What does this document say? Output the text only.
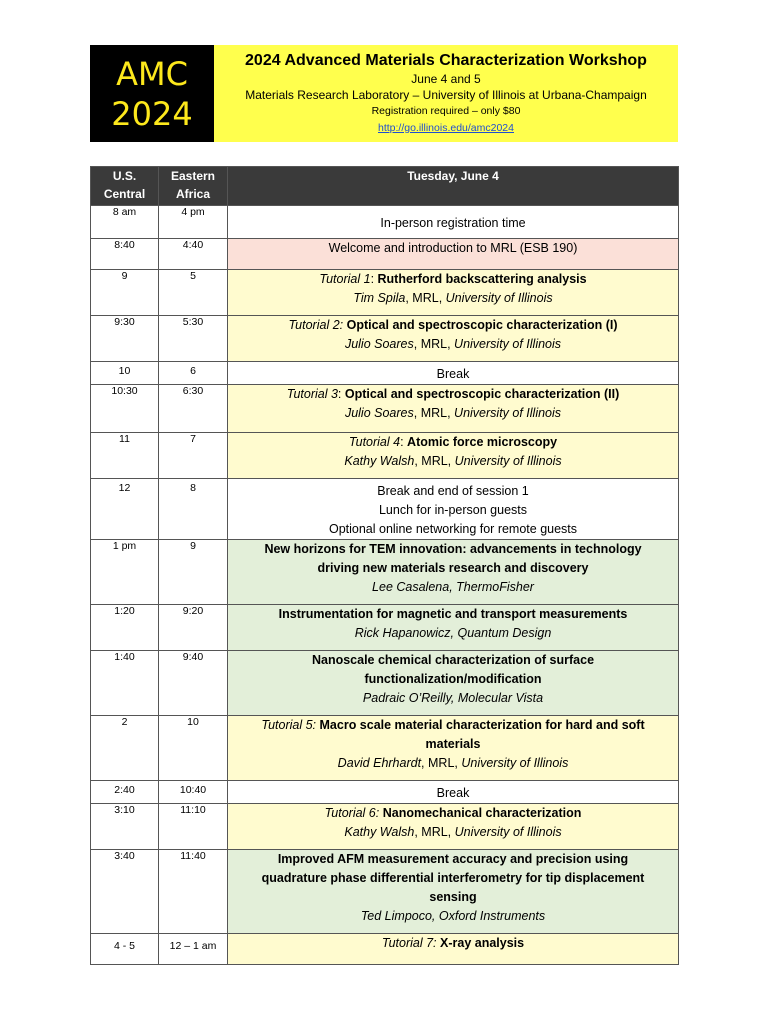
AMC
2024
2024 Advanced Materials Characterization Workshop
June 4 and 5
Materials Research Laboratory – University of Illinois at Urbana-Champaign
Registration required – only $80
http://go.illinois.edu/amc2024
U.S. Central	Eastern Africa	Tuesday, June 4
8 am	4 pm	In-person registration time
8:40	4:40	Welcome and introduction to MRL (ESB 190)
9	5	Tutorial 1: Rutherford backscattering analysis
Tim Spila, MRL, University of Illinois

9:30	5:30	Tutorial 2: Optical and spectroscopic characterization (I)
Julio Soares, MRL, University of Illinois

10	6	Break
10:30	6:30	Tutorial 3: Optical and spectroscopic characterization (II)
Julio Soares, MRL, University of Illinois

11	7	Tutorial 4: Atomic force microscopy
Kathy Walsh, MRL, University of Illinois

12	8	Break and end of session 1
Lunch for in-person guests
Optional online networking for remote guests

1 pm	9	New horizons for TEM innovation: advancements in technology
driving new materials research and discovery
Lee Casalena, ThermoFisher

1:20	9:20	Instrumentation for magnetic and transport measurements
Rick Hapanowicz, Quantum Design

1:40	9:40	Nanoscale chemical characterization of surface
functionalization/modification
Padraic O’Reilly, Molecular Vista

2	10	Tutorial 5: Macro scale material characterization for hard and soft
materials
David Ehrhardt, MRL, University of Illinois

2:40	10:40	Break
3:10	11:10	Tutorial 6: Nanomechanical characterization
Kathy Walsh, MRL, University of Illinois

3:40	11:40	Improved AFM measurement accuracy and precision using
quadrature phase differential interferometry for tip displacement
sensing
Ted Limpoco, Oxford Instruments

4 - 5	12 – 1 am	Tutorial 7: X-ray analysis
